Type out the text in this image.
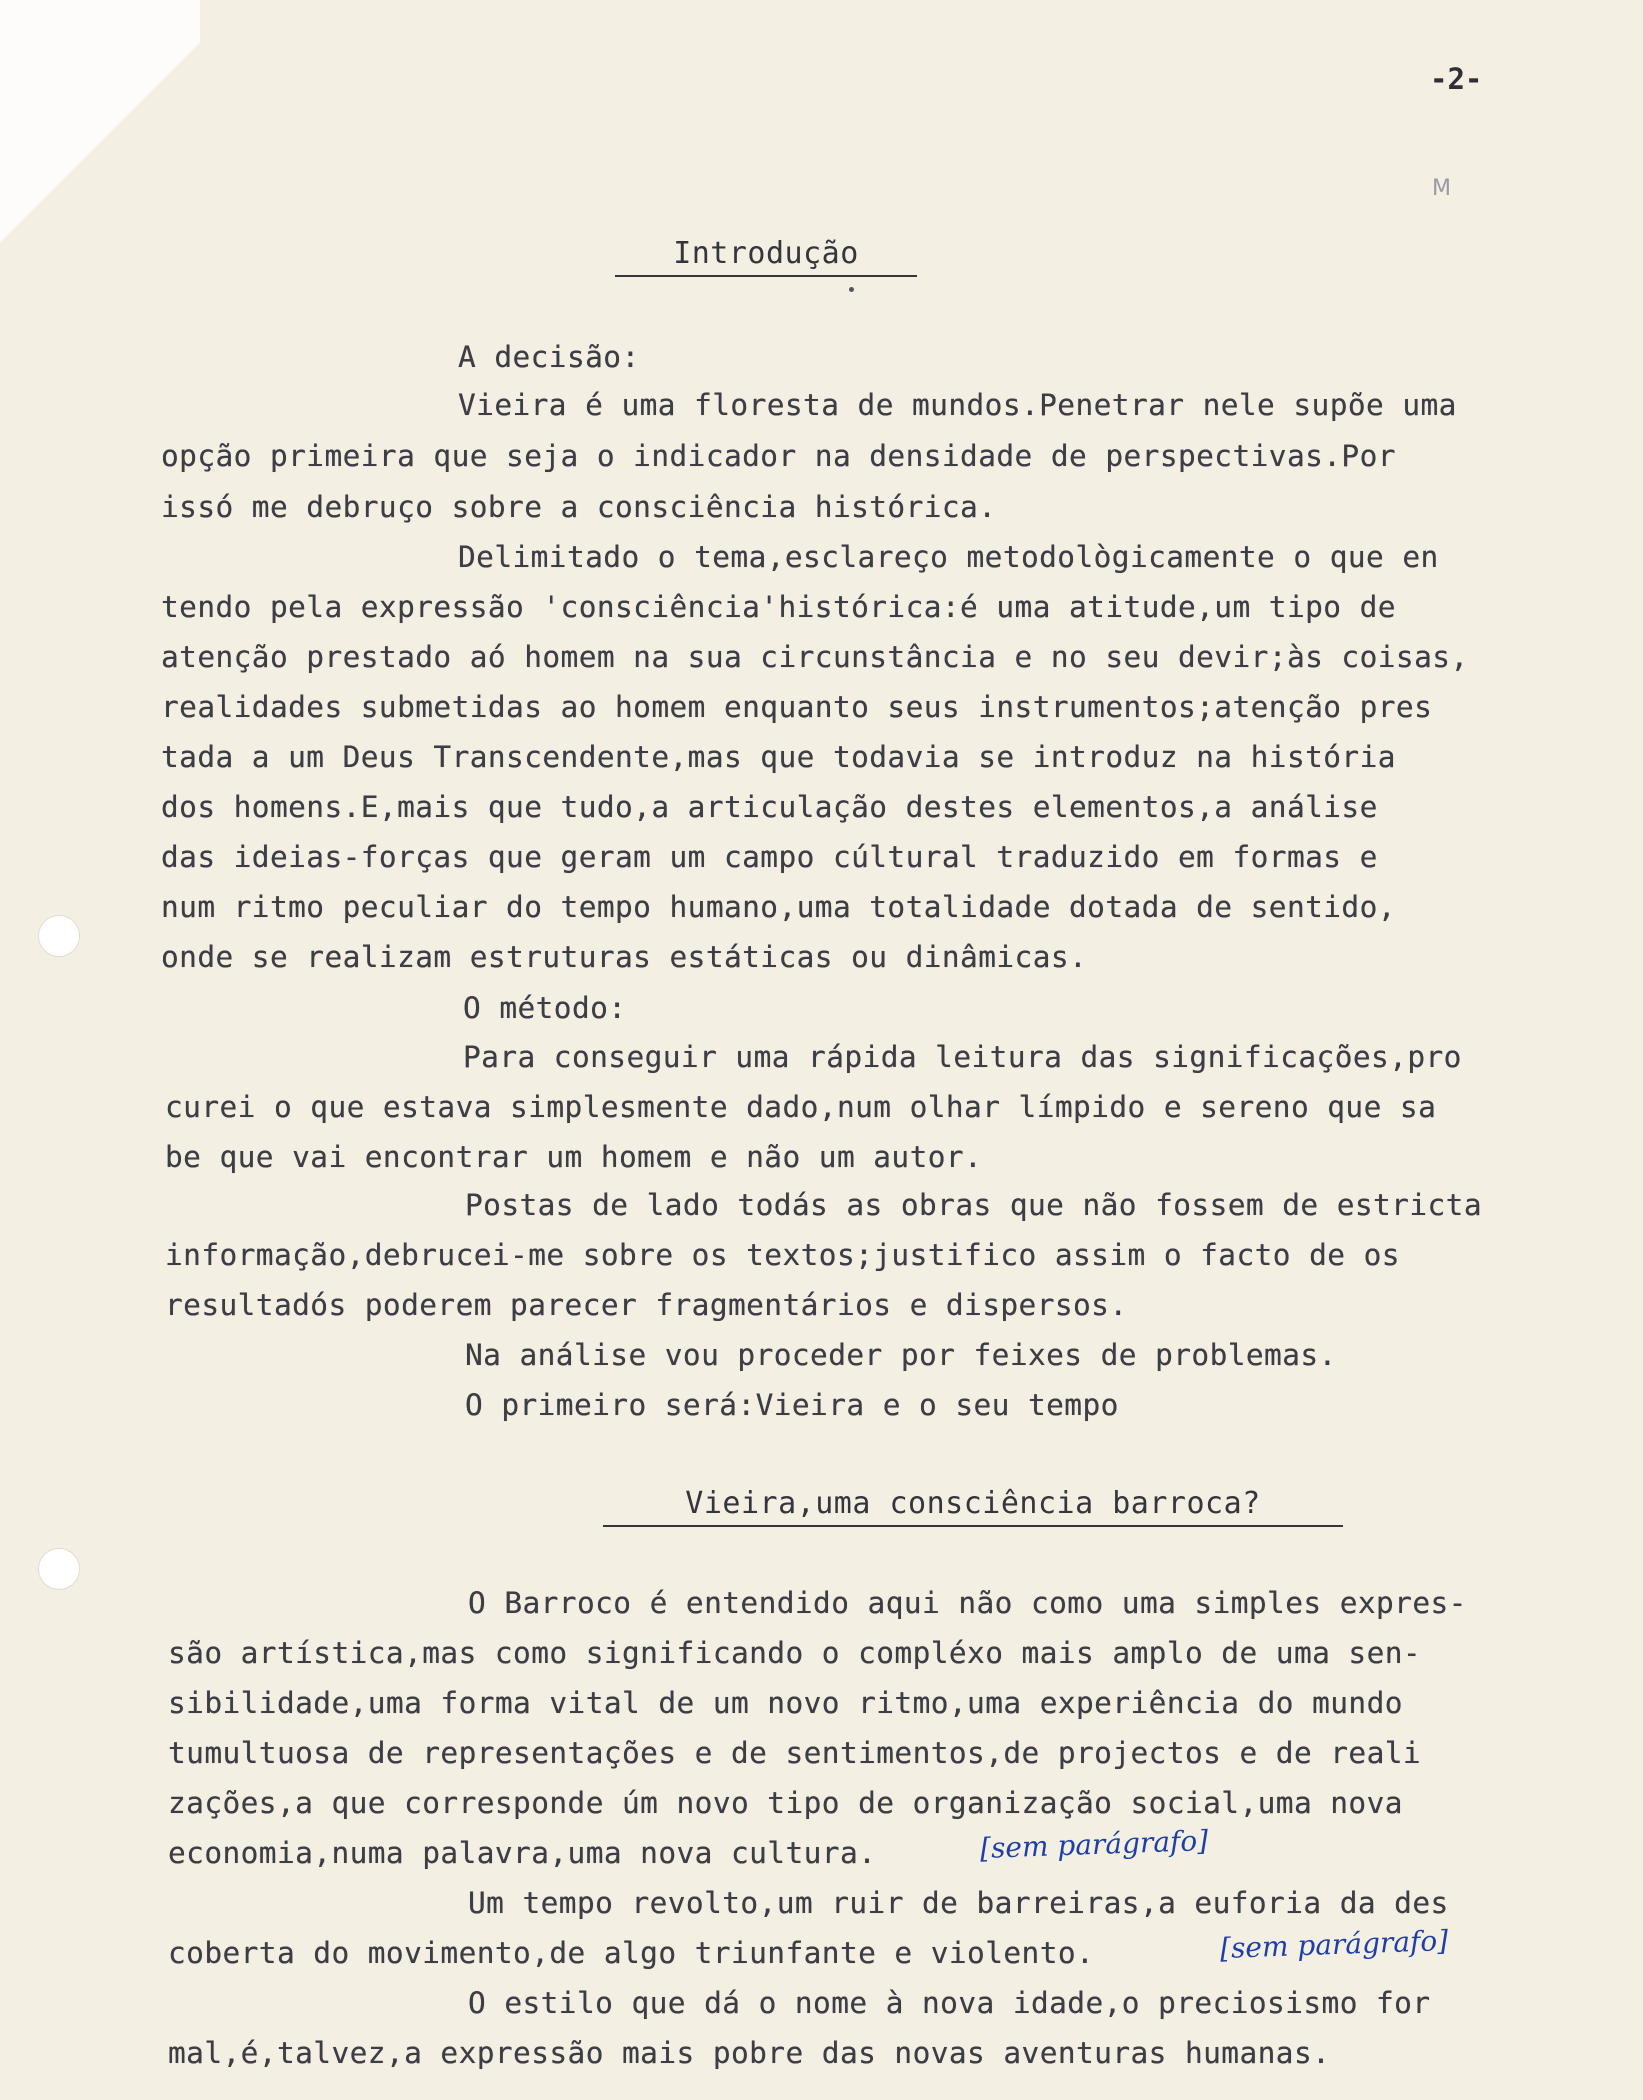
-2-
M
Introdução
A decisão:
Vieira é uma floresta de mundos.Penetrar nele supõe uma
opção primeira que seja o indicador na densidade de perspectivas.Por
issó me debruço sobre a consciência histórica.
Delimitado o tema,esclareço metodològicamente o que en
tendo pela expressão 'consciência'histórica:é uma atitude,um tipo de
atenção prestado aó homem na sua circunstância e no seu devir;às coisas,
realidades submetidas ao homem enquanto seus instrumentos;atenção pres
tada a um Deus Transcendente,mas que todavia se introduz na história
dos homens.E,mais que tudo,a articulação destes elementos,a análise
das ideias-forças que geram um campo cúltural traduzido em formas e
num ritmo peculiar do tempo humano,uma totalidade dotada de sentido,
onde se realizam estruturas estáticas ou dinâmicas.
O método:
Para conseguir uma rápida leitura das significações,pro
curei o que estava simplesmente dado,num olhar límpido e sereno que sa
be que vai encontrar um homem e não um autor.
Postas de lado todás as obras que não fossem de estricta
informação,debrucei-me sobre os textos;justifico assim o facto de os
resultadós poderem parecer fragmentários e dispersos.
Na análise vou proceder por feixes de problemas.
O primeiro será:Vieira e o seu tempo
Vieira,uma consciência barroca?
O Barroco é entendido aqui não como uma simples expres-
são artística,mas como significando o compléxo mais amplo de uma sen-
sibilidade,uma forma vital de um novo ritmo,uma experiência do mundo
tumultuosa de representações e de sentimentos,de projectos e de reali
zações,a que corresponde úm novo tipo de organização social,uma nova
economia,numa palavra,uma nova cultura.
Um tempo revolto,um ruir de barreiras,a euforia da des
coberta do movimento,de algo triunfante e violento.
O estilo que dá o nome à nova idade,o preciosismo for
mal,é,talvez,a expressão mais pobre das novas aventuras humanas.
[sem parágrafo]
[sem parágrafo]
